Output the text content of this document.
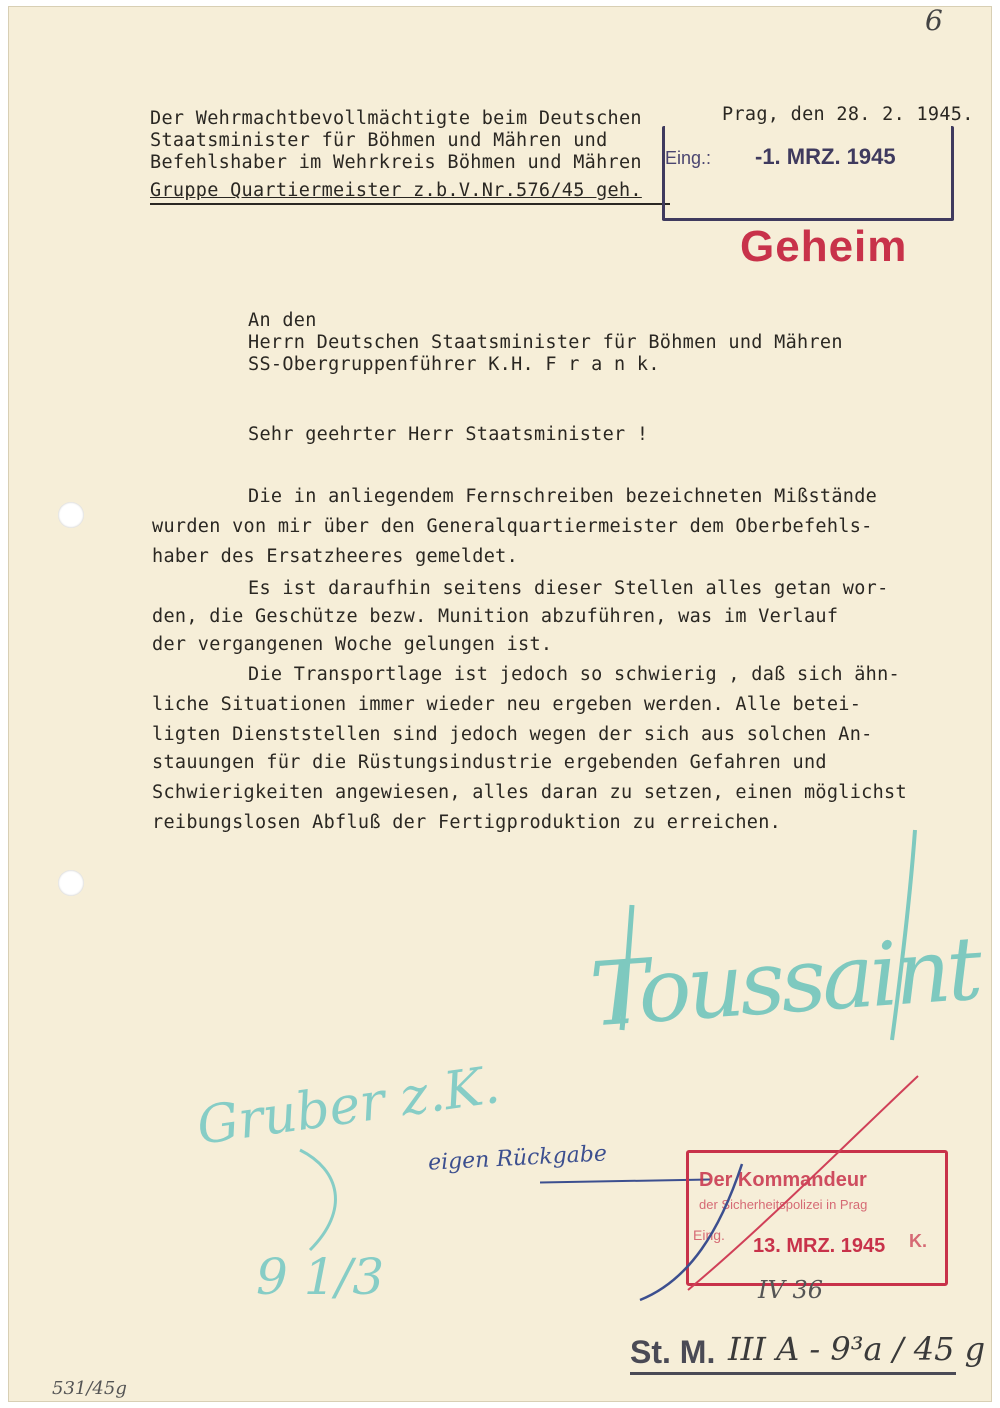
6
Der Wehrmachtbevollmächtigte beim Deutschen
Staatsminister für Böhmen und Mähren und
Befehlshaber im Wehrkreis Böhmen und Mähren
Gruppe Quartiermeister z.b.V.Nr.576/45 geh.
Prag, den 28. 2. 1945.
Eing.: -1. MRZ. 1945
Geheim
An den
Herrn Deutschen Staatsminister für Böhmen und Mähren
SS-Obergruppenführer K.H. F r a n k.
Sehr geehrter Herr Staatsminister !
Die in anliegendem Fernschreiben bezeichneten Mißstände
wurden von mir über den Generalquartiermeister dem Oberbefehls-
haber des Ersatzheeres gemeldet.
Es ist daraufhin seitens dieser Stellen alles getan wor-
den, die Geschütze bezw. Munition abzuführen, was im Verlauf
der vergangenen Woche gelungen ist.
Die Transportlage ist jedoch so schwierig , daß sich ähn-
liche Situationen immer wieder neu ergeben werden. Alle betei-
ligten Dienststellen sind jedoch wegen der sich aus solchen An-
stauungen für die Rüstungsindustrie ergebenden Gefahren und
Schwierigkeiten angewiesen, alles daran zu setzen, einen möglichst
reibungslosen Abfluß der Fertigproduktion zu erreichen.
Toussaint
Gruber z.K.
9 1/3
eigen Rückgabe
Der Kommandeur
der Sicherheitspolizei in Prag
Eing. 13. MRZ. 1945 K.
IV 36
St. M. III A - 9³a / 45 g
531/45g
